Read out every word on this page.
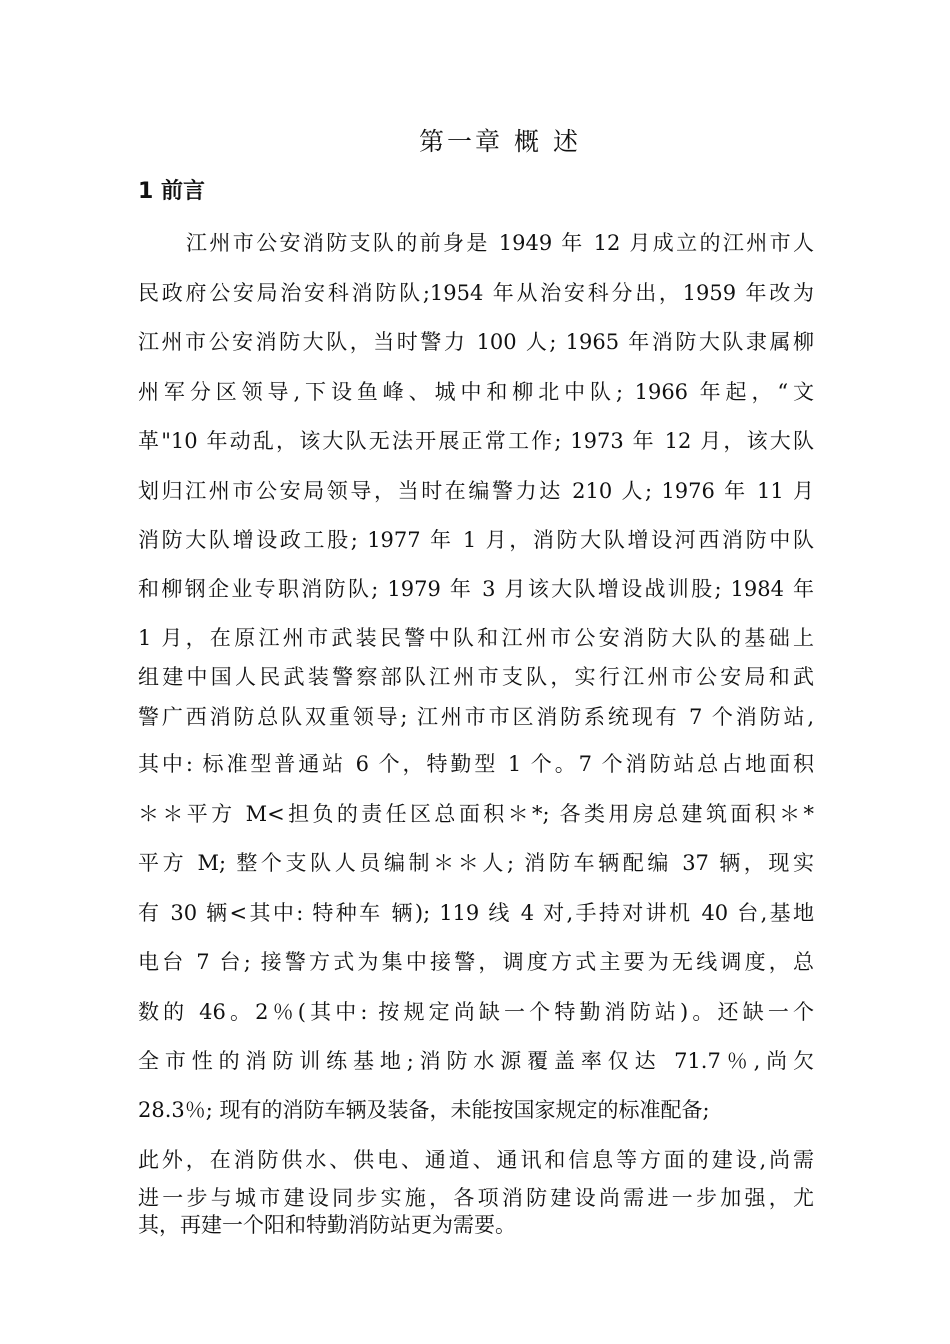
第一章 概 述
1 前言
江州市公安消防支队的前身是 1949 年 12 月成立的江州市人
民政府公安局治安科消防队;1954 年从治安科分出，1959 年改为
江州市公安消防大队，当时警力 100 人; 1965 年消防大队隶属柳
州军分区领导,下设鱼峰、城中和柳北中队; 1966 年起，“文
革"10 年动乱，该大队无法开展正常工作; 1973 年 12 月，该大队
划归江州市公安局领导，当时在编警力达 210 人; 1976 年 11 月
消防大队增设政工股; 1977 年 1 月，消防大队增设河西消防中队
和柳钢企业专职消防队; 1979 年 3 月该大队增设战训股; 1984 年
1 月，在原江州市武装民警中队和江州市公安消防大队的基础上
组建中国人民武装警察部队江州市支队，实行江州市公安局和武
警广西消防总队双重领导; 江州市市区消防系统现有 7 个消防站,
其中: 标准型普通站 6 个，特勤型 1 个。7 个消防站总占地面积
＊＊平方 M<担负的责任区总面积＊*; 各类用房总建筑面积＊*
平方 M; 整个支队人员编制＊＊人; 消防车辆配编 37 辆，现实
有 30 辆<其中: 特种车 辆); 119 线 4 对,手持对讲机 40 台,基地
电台 7 台; 接警方式为集中接警，调度方式主要为无线调度，总
数的 46。2％(其中: 按规定尚缺一个特勤消防站)。还缺一个
全市性的消防训练基地;消防水源覆盖率仅达 71.7％,尚欠
28.3％; 现有的消防车辆及装备，未能按国家规定的标准配备;
此外，在消防供水、供电、通道、通讯和信息等方面的建设,尚需
进一步与城市建设同步实施，各项消防建设尚需进一步加强，尤
其，再建一个阳和特勤消防站更为需要。
